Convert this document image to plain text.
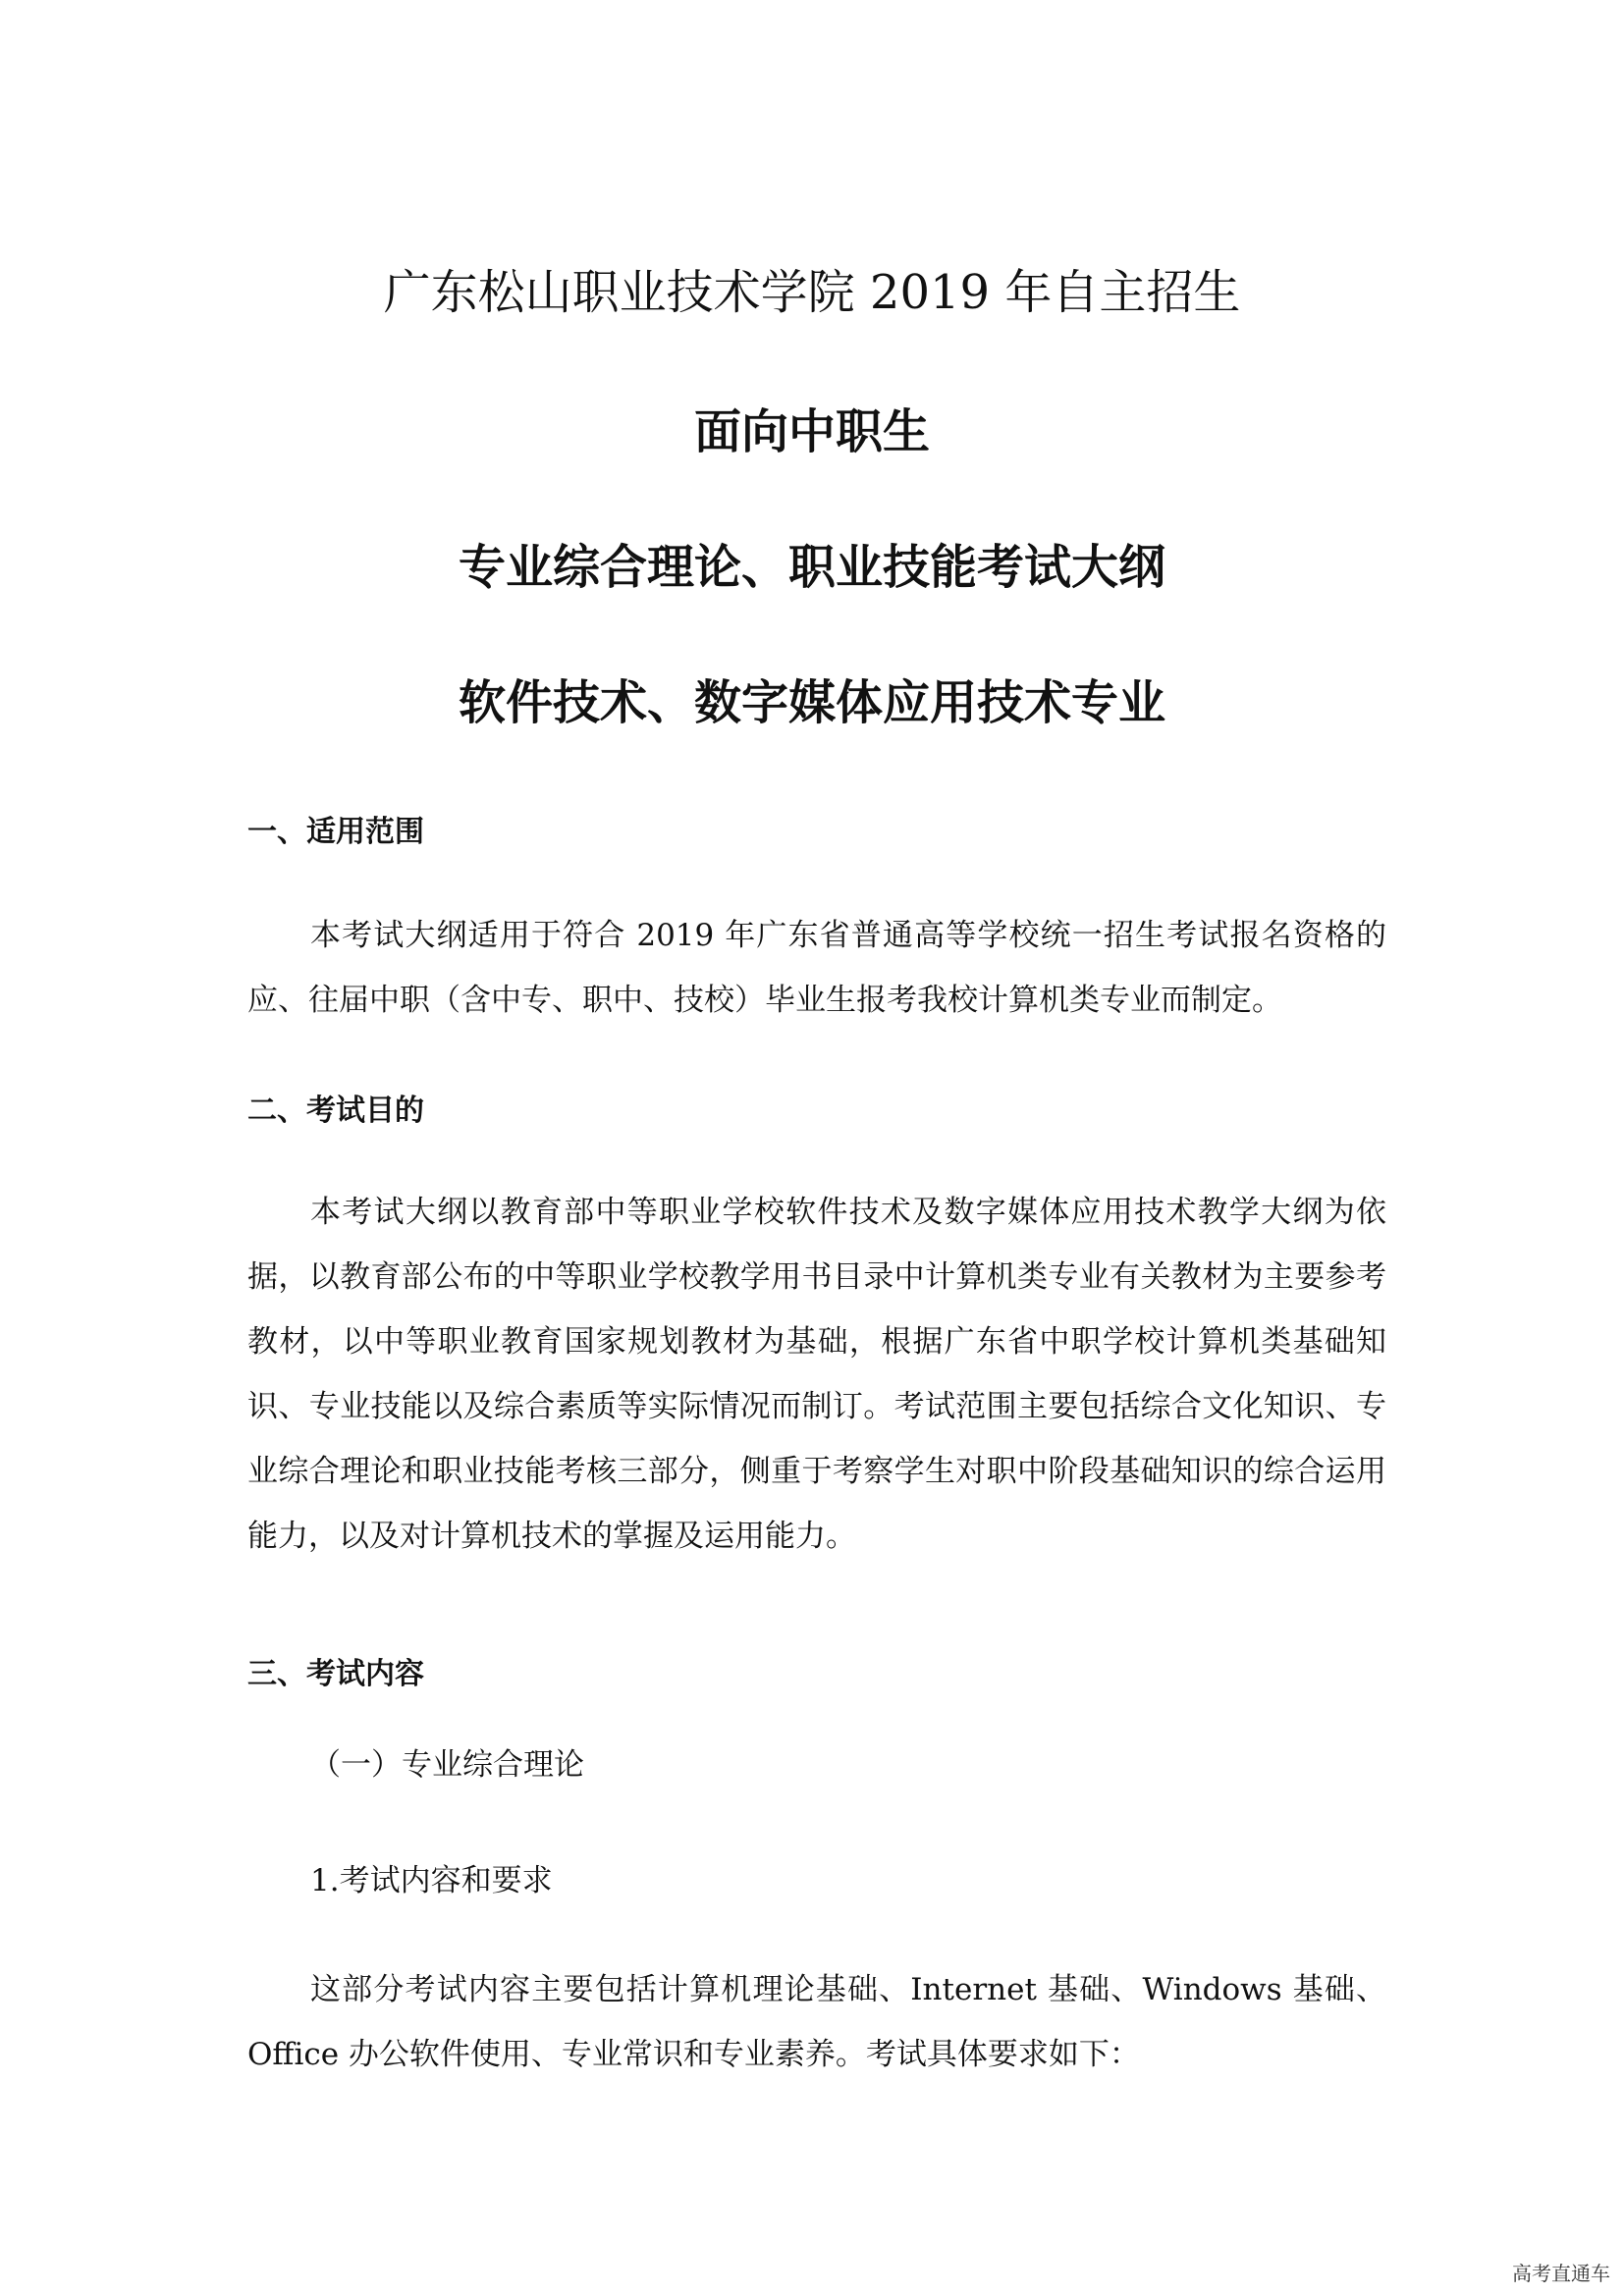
广东松山职业技术学院 2019 年自主招生
面向中职生
专业综合理论、职业技能考试大纲
软件技术、数字媒体应用技术专业
一、适用范围
本考试大纲适用于符合 2019 年广东省普通高等学校统一招生考试报名资格的应、往届中职（含中专、职中、技校）毕业生报考我校计算机类专业而制定。
二、考试目的
本考试大纲以教育部中等职业学校软件技术及数字媒体应用技术教学大纲为依据，以教育部公布的中等职业学校教学用书目录中计算机类专业有关教材为主要参考教材，以中等职业教育国家规划教材为基础，根据广东省中职学校计算机类基础知识、专业技能以及综合素质等实际情况而制订。考试范围主要包括综合文化知识、专业综合理论和职业技能考核三部分，侧重于考察学生对职中阶段基础知识的综合运用能力，以及对计算机技术的掌握及运用能力。
三、考试内容
（一）专业综合理论
1.考试内容和要求
这部分考试内容主要包括计算机理论基础、Internet 基础、Windows 基础、Office 办公软件使用、专业常识和专业素养。考试具体要求如下：
高考直通车
